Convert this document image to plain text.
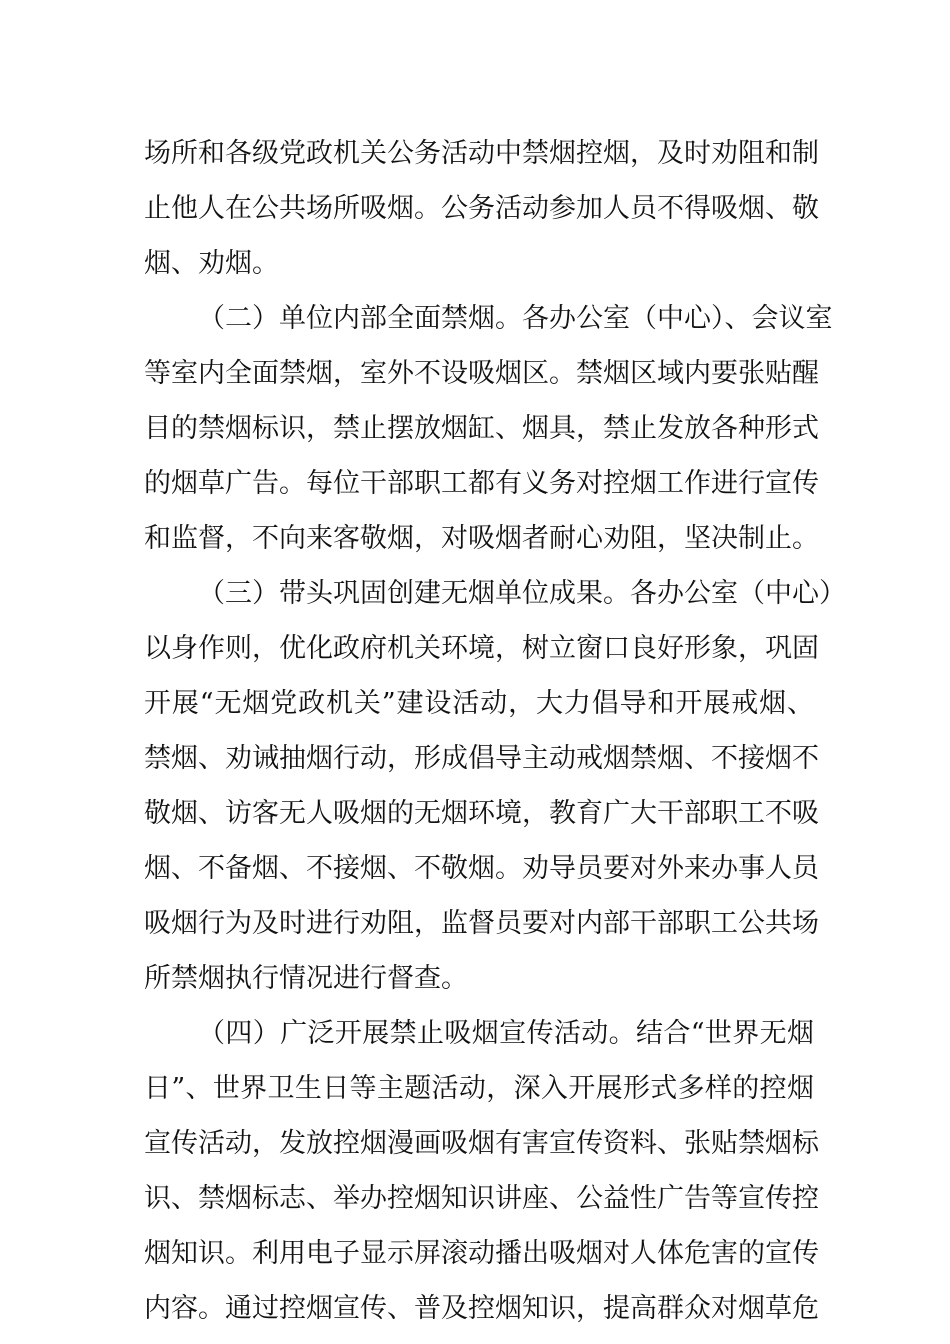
场所和各级党政机关公务活动中禁烟控烟，及时劝阻和制
止他人在公共场所吸烟。公务活动参加人员不得吸烟、敬
烟、劝烟。
（二）单位内部全面禁烟。各办公室（中心）、会议室
等室内全面禁烟，室外不设吸烟区。禁烟区域内要张贴醒
目的禁烟标识，禁止摆放烟缸、烟具，禁止发放各种形式
的烟草广告。每位干部职工都有义务对控烟工作进行宣传
和监督，不向来客敬烟，对吸烟者耐心劝阻，坚决制止。
（三）带头巩固创建无烟单位成果。各办公室（中心）
以身作则，优化政府机关环境，树立窗口良好形象，巩固
开展“无烟党政机关”建设活动，大力倡导和开展戒烟、
禁烟、劝诫抽烟行动，形成倡导主动戒烟禁烟、不接烟不
敬烟、访客无人吸烟的无烟环境，教育广大干部职工不吸
烟、不备烟、不接烟、不敬烟。劝导员要对外来办事人员
吸烟行为及时进行劝阻，监督员要对内部干部职工公共场
所禁烟执行情况进行督查。
（四）广泛开展禁止吸烟宣传活动。结合“世界无烟
日”、世界卫生日等主题活动，深入开展形式多样的控烟
宣传活动，发放控烟漫画吸烟有害宣传资料、张贴禁烟标
识、禁烟标志、举办控烟知识讲座、公益性广告等宣传控
烟知识。利用电子显示屏滚动播出吸烟对人体危害的宣传
内容。通过控烟宣传、普及控烟知识，提高群众对烟草危
